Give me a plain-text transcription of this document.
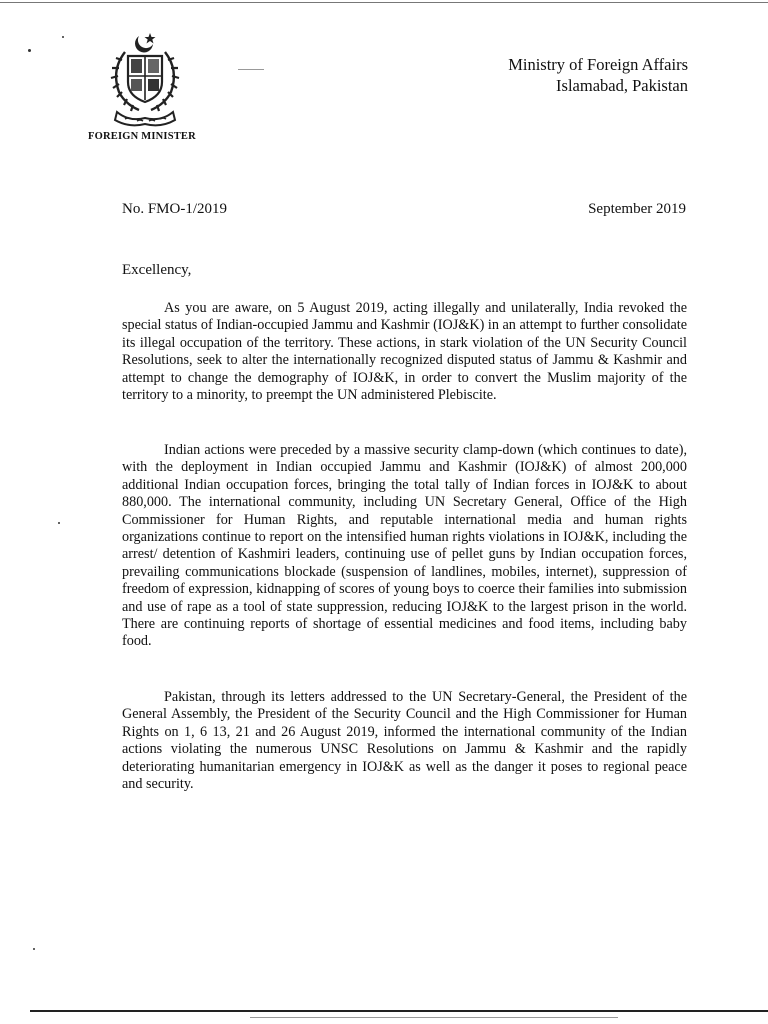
FOREIGN MINISTER
Ministry of Foreign Affairs
Islamabad, Pakistan
No. FMO-1/2019	September 2019
Excellency,

As you are aware, on 5 August 2019, acting illegally and unilaterally, India revoked the special status of Indian-occupied Jammu and Kashmir (IOJ&K) in an attempt to further consolidate its illegal occupation of the territory. These actions, in stark violation of the UN Security Council Resolutions, seek to alter the internationally recognized disputed status of Jammu & Kashmir and attempt to change the demography of IOJ&K, in order to convert the Muslim majority of the territory to a minority, to preempt the UN administered Plebiscite.

Indian actions were preceded by a massive security clamp-down (which continues to date), with the deployment in Indian occupied Jammu and Kashmir (IOJ&K) of almost 200,000 additional Indian occupation forces, bringing the total tally of Indian forces in IOJ&K to about 880,000. The international community, including UN Secretary General, Office of the High Commissioner for Human Rights, and reputable international media and human rights organizations continue to report on the intensified human rights violations in IOJ&K, including the arrest/ detention of Kashmiri leaders, continuing use of pellet guns by Indian occupation forces, prevailing communications blockade (suspension of landlines, mobiles, internet), suppression of freedom of expression, kidnapping of scores of young boys to coerce their families into submission and use of rape as a tool of state suppression, reducing IOJ&K to the largest prison in the world. There are continuing reports of shortage of essential medicines and food items, including baby food.

Pakistan, through its letters addressed to the UN Secretary-General, the President of the General Assembly, the President of the Security Council and the High Commissioner for Human Rights on 1, 6 13, 21 and 26 August 2019, informed the international community of the Indian actions violating the numerous UNSC Resolutions on Jammu & Kashmir and the rapidly deteriorating humanitarian emergency in IOJ&K as well as the danger it poses to regional peace and security.
